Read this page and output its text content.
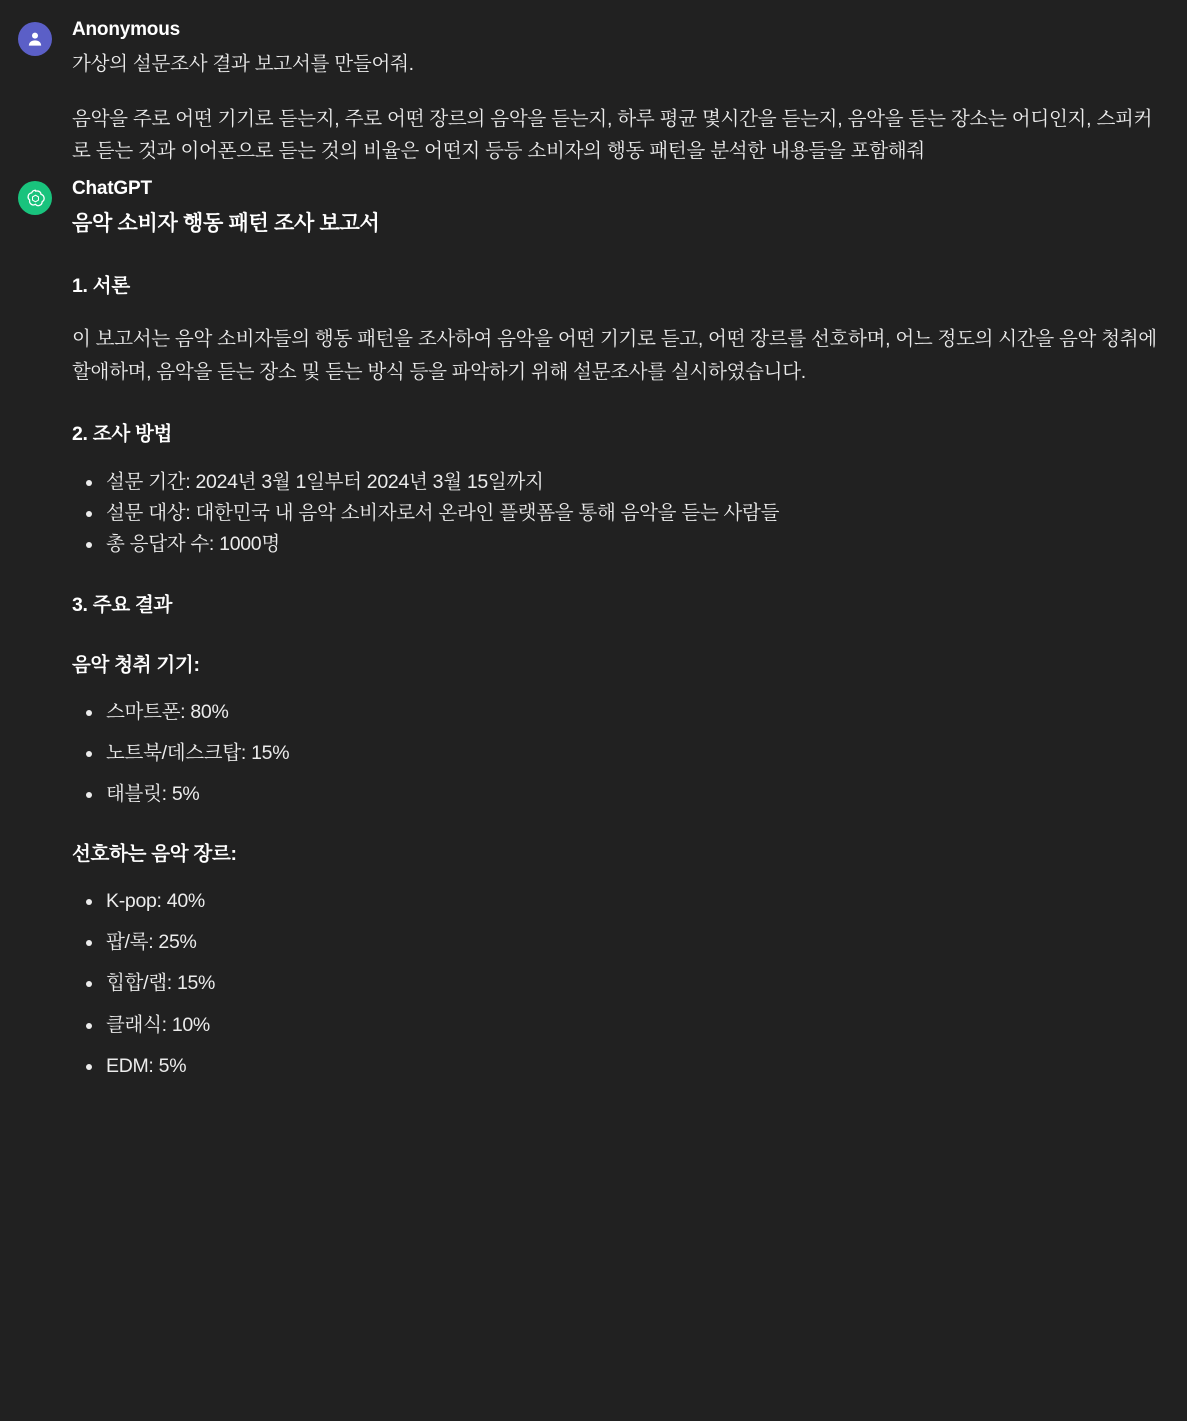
Anonymous

가상의 설문조사 결과 보고서를 만들어줘.

음악을 주로 어떤 기기로 듣는지, 주로 어떤 장르의 음악을 듣는지, 하루 평균 몇시간을 듣는지, 음악을 듣는 장소는 어디인지, 스피커로 듣는 것과 이어폰으로 듣는 것의 비율은 어떤지 등등 소비자의 행동 패턴을 분석한 내용들을 포함해줘

ChatGPT
음악 소비자 행동 패턴 조사 보고서
1. 서론

이 보고서는 음악 소비자들의 행동 패턴을 조사하여 음악을 어떤 기기로 듣고, 어떤 장르를 선호하며, 어느 정도의 시간을 음악 청취에 할애하며, 음악을 듣는 장소 및 듣는 방식 등을 파악하기 위해 설문조사를 실시하였습니다.

2. 조사 방법
설문 기간: 2024년 3월 1일부터 2024년 3월 15일까지
설문 대상: 대한민국 내 음악 소비자로서 온라인 플랫폼을 통해 음악을 듣는 사람들
총 응답자 수: 1000명
3. 주요 결과
음악 청취 기기:
스마트폰: 80%
노트북/데스크탑: 15%
태블릿: 5%
선호하는 음악 장르:
K-pop: 40%
팝/록: 25%
힙합/랩: 15%
클래식: 10%
EDM: 5%
